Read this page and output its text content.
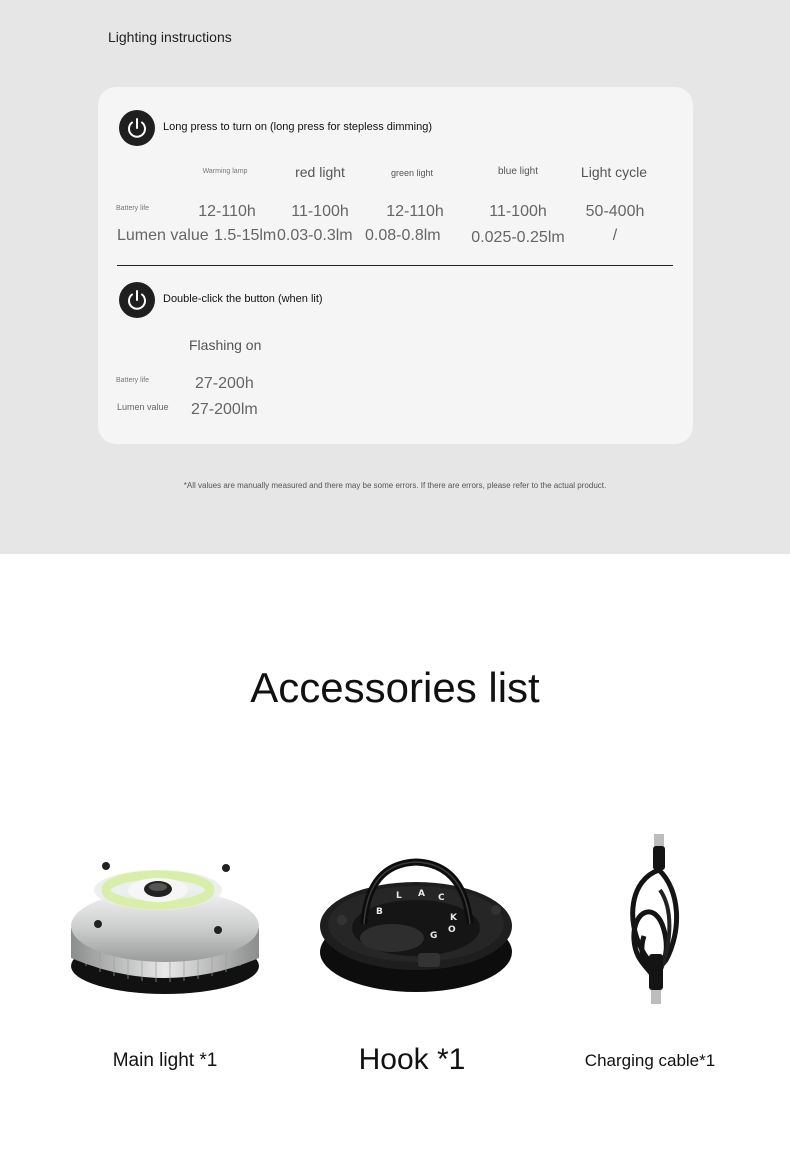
Lighting instructions
Long press to turn on (long press for stepless dimming)
Warming lamp	red light	green light	blue light	Light cycle
Battery life	12-110h 11-100h 12-110h	11-100h 50-400h
Lumen value 1.5-15lm 0.03-0.3lm 0.08-0.8lm 0.025-0.25lm	/
Double-click the button (when lit)
Flashing on
Battery life	27-200h
Lumen value 27-200lm
*All values are manually measured and there may be some errors. If there are errors, please refer to the actual product.
Accessories list
B
L A C
K
G
O
Main light *1	Hook *1	Charging cable*1
